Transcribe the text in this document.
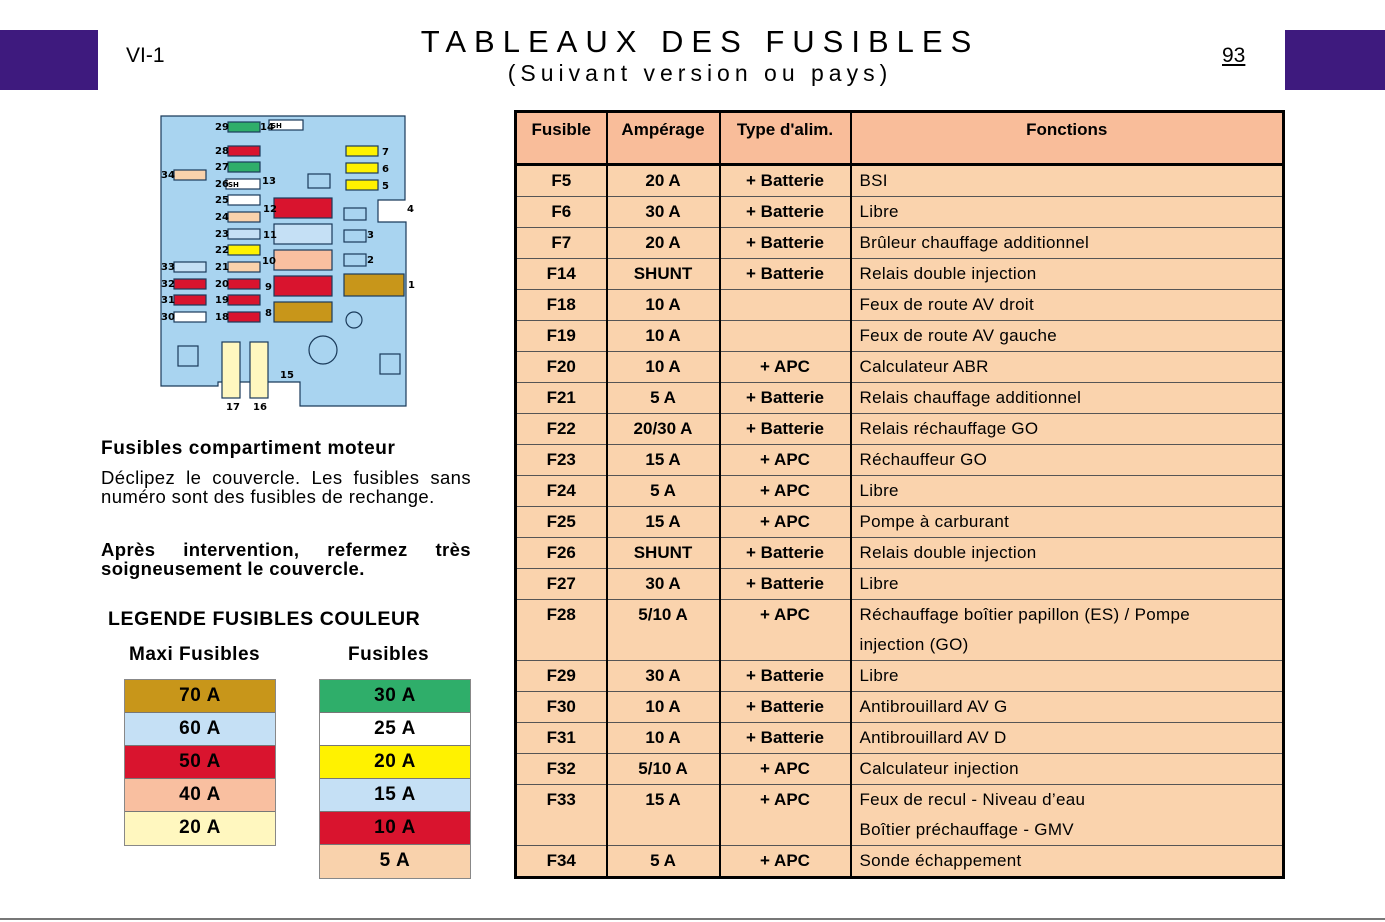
VI-1	TABLEAUX DES FUSIBLES
(Suivant version ou pays)
93
29	14
28
27
26
25
24
23
22
21
20
19
18
34
33
32
31
30
13
12
11
10
9
8
7
6
5
4
3
2
1
15
17 16
SH
SH
Fusibles compartiment moteur
Déclipez le couvercle. Les fusibles sans numéro sont des fusibles de rechange.
Après intervention, refermez très soigneusement le couvercle.
LEGENDE FUSIBLES COULEUR
Maxi Fusibles	Fusibles
70 A
60 A
50 A
40 A
20 A
30 A
25 A
20 A
15 A
10 A
5 A
Fusible	Ampérage	Type d'alim.	Fonctions
F5	20 A	+ Batterie	BSI

F6	30 A	+ Batterie	Libre

F7	20 A	+ Batterie	Brûleur chauffage additionnel

F14	SHUNT	+ Batterie	Relais double injection

F18	10 A		Feux de route AV droit

F19	10 A		Feux de route AV gauche

F20	10 A	+ APC	Calculateur ABR

F21	5 A	+ Batterie	Relais chauffage additionnel

F22	20/30 A	+ Batterie	Relais réchauffage GO

F23	15 A	+ APC	Réchauffeur GO

F24	5 A	+ APC	Libre

F25	15 A	+ APC	Pompe à carburant

F26	SHUNT	+ Batterie	Relais double injection

F27	30 A	+ Batterie	Libre

F28	5/10 A	+ APC	Réchauffage boîtier papillon (ES) / Pompe
injection (GO)

F29	30 A	+ Batterie	Libre

F30	10 A	+ Batterie	Antibrouillard AV G

F31	10 A	+ Batterie	Antibrouillard AV D

F32	5/10 A	+ APC	Calculateur injection

F33	15 A	+ APC	Feux de recul - Niveau d’eau
Boîtier préchauffage - GMV

F34	5 A	+ APC	Sonde échappement
